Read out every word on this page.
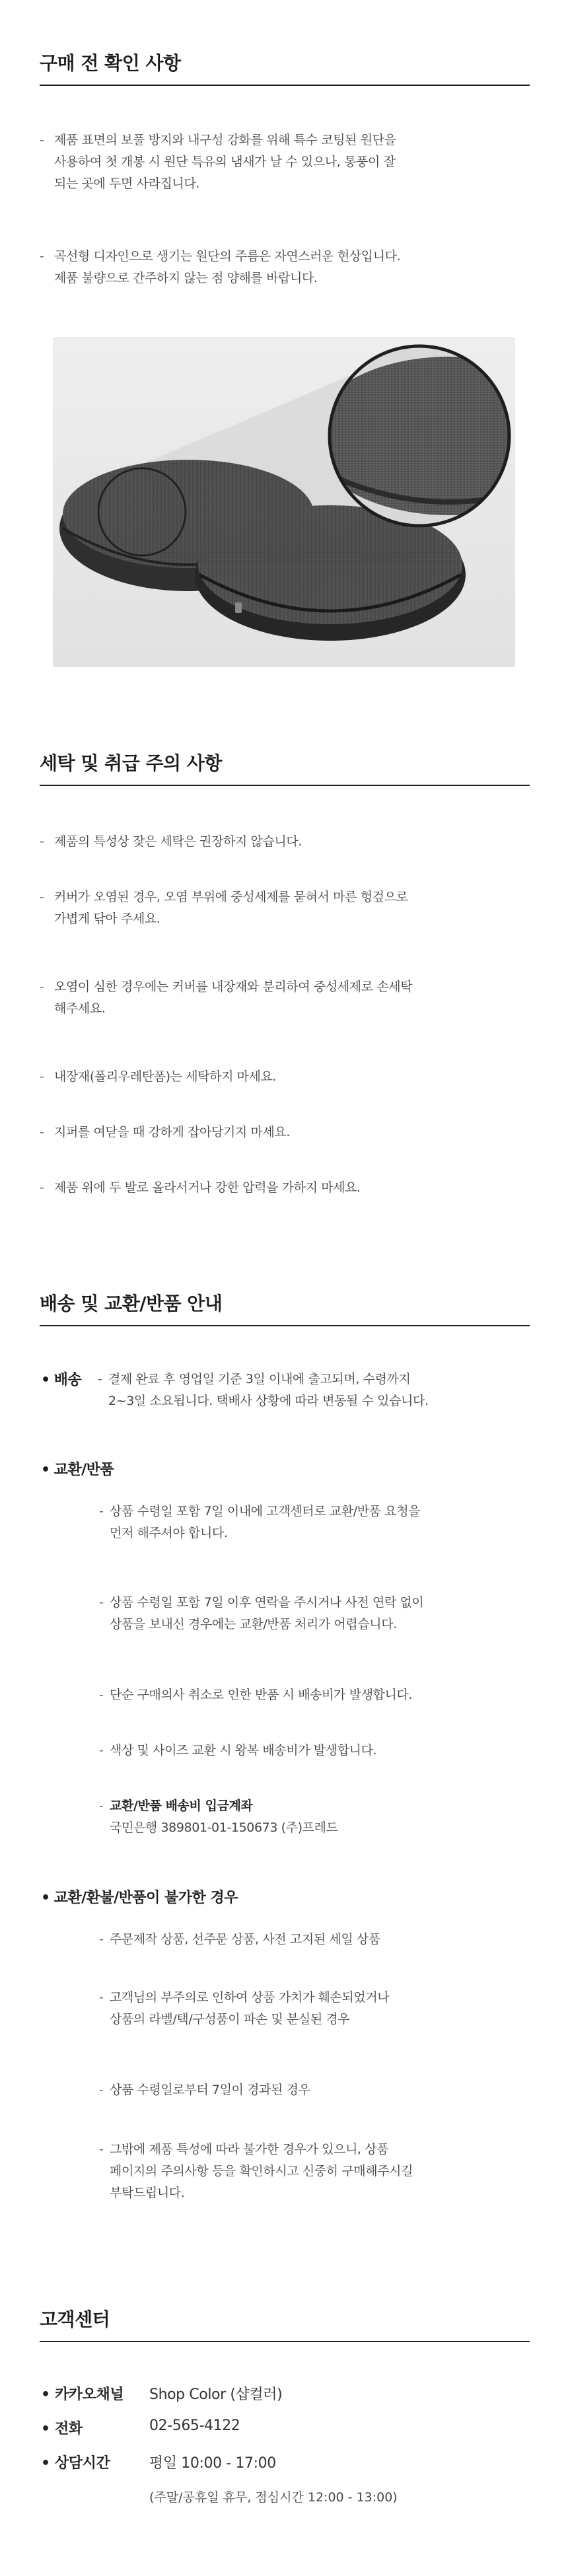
구매 전 확인 사항
- 제품 표면의 보풀 방지와 내구성 강화를 위해 특수 코팅된 원단을
사용하여 첫 개봉 시 원단 특유의 냄새가 날 수 있으나, 통풍이 잘
되는 곳에 두면 사라집니다.
- 곡선형 디자인으로 생기는 원단의 주름은 자연스러운 현상입니다.
제품 불량으로 간주하지 않는 점 양해를 바랍니다.
세탁 및 취급 주의 사항
- 제품의 특성상 잦은 세탁은 권장하지 않습니다.
- 커버가 오염된 경우, 오염 부위에 중성세제를 묻혀서 마른 헝겊으로
가볍게 닦아 주세요.
- 오염이 심한 경우에는 커버를 내장재와 분리하여 중성세제로 손세탁
해주세요.
- 내장재(폴리우레탄폼)는 세탁하지 마세요.
- 지퍼를 여닫을 때 강하게 잡아당기지 마세요.
- 제품 위에 두 발로 올라서거나 강한 압력을 가하지 마세요.
배송 및 교환/반품 안내
• 배송 - 결제 완료 후 영업일 기준 3일 이내에 출고되며, 수령까지
2~3일 소요됩니다. 택배사 상황에 따라 변동될 수 있습니다.
• 교환/반품
- 상품 수령일 포함 7일 이내에 고객센터로 교환/반품 요청을
먼저 해주셔야 합니다.
- 상품 수령일 포함 7일 이후 연락을 주시거나 사전 연락 없이
상품을 보내신 경우에는 교환/반품 처리가 어렵습니다.
- 단순 구매의사 취소로 인한 반품 시 배송비가 발생합니다.
- 색상 및 사이즈 교환 시 왕복 배송비가 발생합니다.
- 교환/반품 배송비 입금계좌
국민은행 389801-01-150673 (주)프레드
• 교환/환불/반품이 불가한 경우
- 주문제작 상품, 선주문 상품, 사전 고지된 세일 상품
- 고객님의 부주의로 인하여 상품 가치가 훼손되었거나
상품의 라벨/택/구성품이 파손 및 분실된 경우
- 상품 수령일로부터 7일이 경과된 경우
- 그밖에 제품 특성에 따라 불가한 경우가 있으니, 상품
페이지의 주의사항 등을 확인하시고 신중히 구매해주시길
부탁드립니다.
고객센터
• 카카오채널 Shop Color (샵컬러)
• 전화	02-565-4122
• 상담시간	평일 10:00 - 17:00
(주말/공휴일 휴무, 점심시간 12:00 - 13:00)
